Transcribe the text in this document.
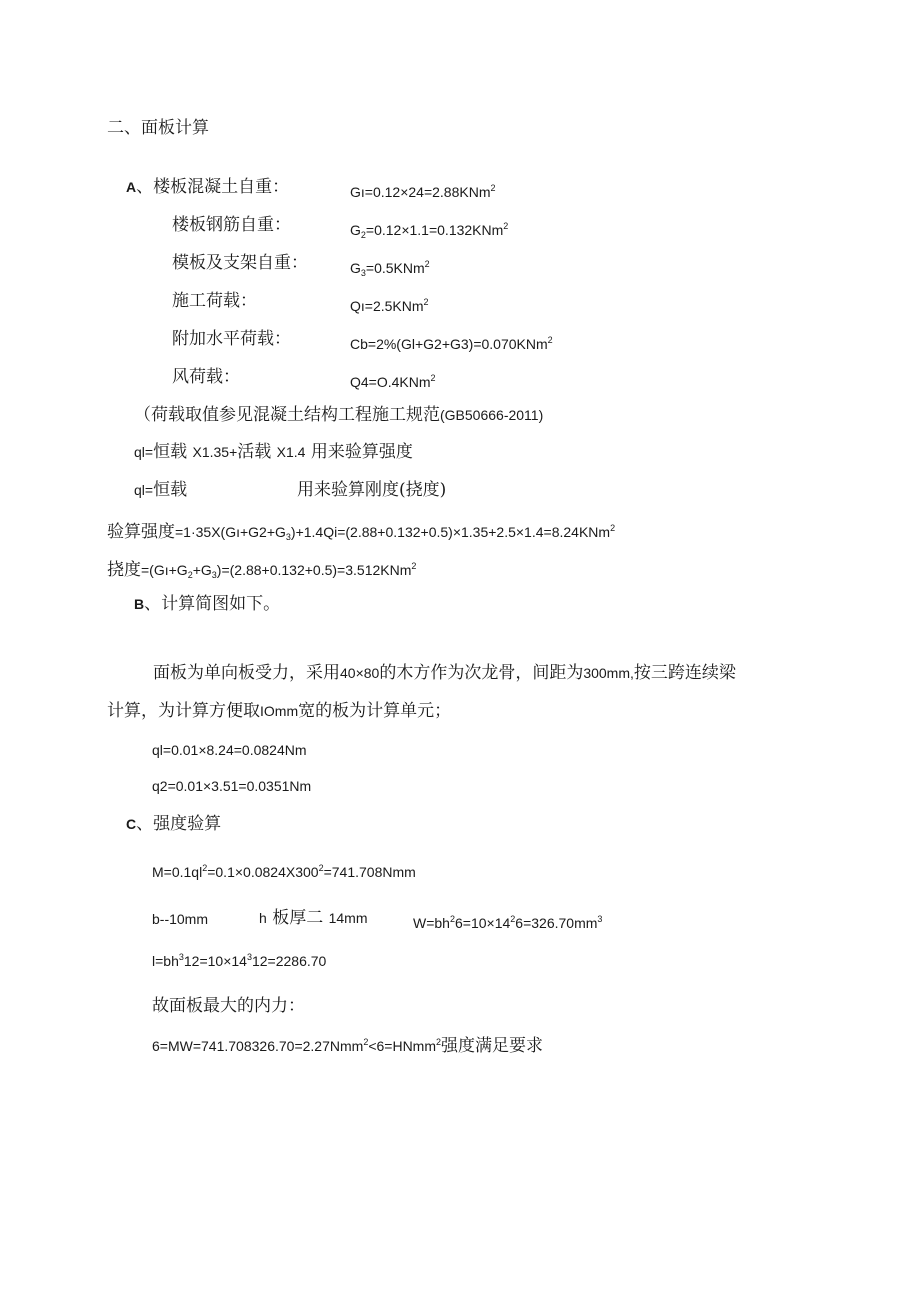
二、面板计算
A、楼板混凝土自重：	Gı=0.12×24=2.88KNm$^2$
楼板钢筋自重：	$G_2=0.12\times 1.1=0.132KNm^2$
模板及支架自重：	$G_3=0.5KNm^2$
施工荷载：	Qı=2.5KNm$^2$
附加水平荷载：	Cb=2%(Gl+G2+G3)=0.070KNm$^2$
风荷载：	Q4=O.4KNm$^2$
（荷载取值参见混凝土结构工程施工规范(GB50666-2011)
ql=恒载 X1.35+活载 X1.4 用来验算强度
ql=恒载	用来验算刚度(挠度)
验算强度$=1\cdot 35X(Gı+G2+G_3)+1.4Qi=(2.88+0.132+0.5)\times 1.35+2.5\times 1.4=8.24KNm^2$
挠度$=(Gı+G_2+G_3)=(2.88+0.132+0.5)=3.512KNm^2$
B、计算简图如下。
面板为单向板受力，采用40×80的木方作为次龙骨，间距为300mm,按三跨连续梁
计算，为计算方便取IOmm宽的板为计算单元；
ql=0.01×8.24=0.0824Nm
q2=0.01×3.51=0.0351Nm
C、强度验算
$M=0.1ql^2=0.1\times 0.0824X300^2=741.708Nmm$
b--10mm	h 板厚二 14mm	$W=bh^26=10\times 14^26=326.70mm^3$
$l=bh^312=10\times 14^312=2286.70$
故面板最大的内力：
6=MW=741.708326.70=2.27Nmm$^2$<6=HNmm$^2$强度满足要求
